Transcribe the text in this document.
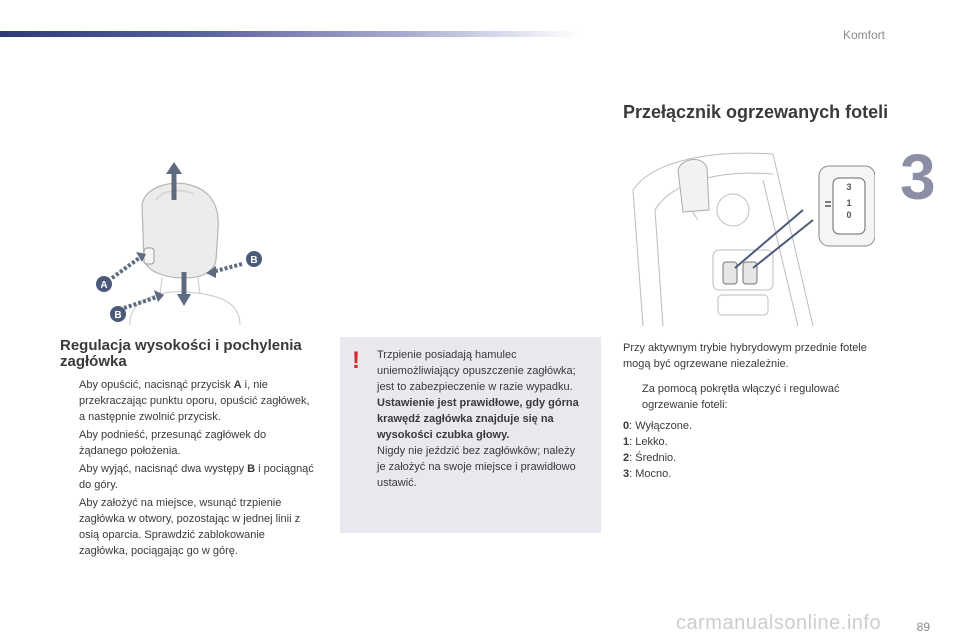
Komfort
3
A
B
B
Przełącznik ogrzewanych foteli
3
1
0
Regulacja wysokości i pochylenia zagłówka
Aby opuścić, nacisnąć przycisk A i, nie przekraczając punktu oporu, opuścić zagłówek, a następnie zwolnić przycisk.
Aby podnieść, przesunąć zagłówek do żądanego położenia.
Aby wyjąć, nacisnąć dwa występy B i pociągnąć do góry.
Aby założyć na miejsce, wsunąć trzpienie zagłówka w otwory, pozostając w jednej linii z osią oparcia. Sprawdzić zablokowanie zagłówka, pociągając go w górę.
! Trzpienie posiadają hamulec uniemożliwiający opuszczenie zagłówka; jest to zabezpieczenie w razie wypadku.

Ustawienie jest prawidłowe, gdy górna krawędź zagłówka znajduje się na wysokości czubka głowy.

Nigdy nie jeździć bez zagłówków; należy je założyć na swoje miejsce i prawidłowo ustawić.

Przy aktywnym trybie hybrydowym przednie fotele mogą być ogrzewane niezależnie.

Za pomocą pokrętła włączyć i regulować ogrzewanie foteli:
0: Wyłączone.
1: Lekko.
2: Średnio.
3: Mocno.
carmanualsonline.info	89
